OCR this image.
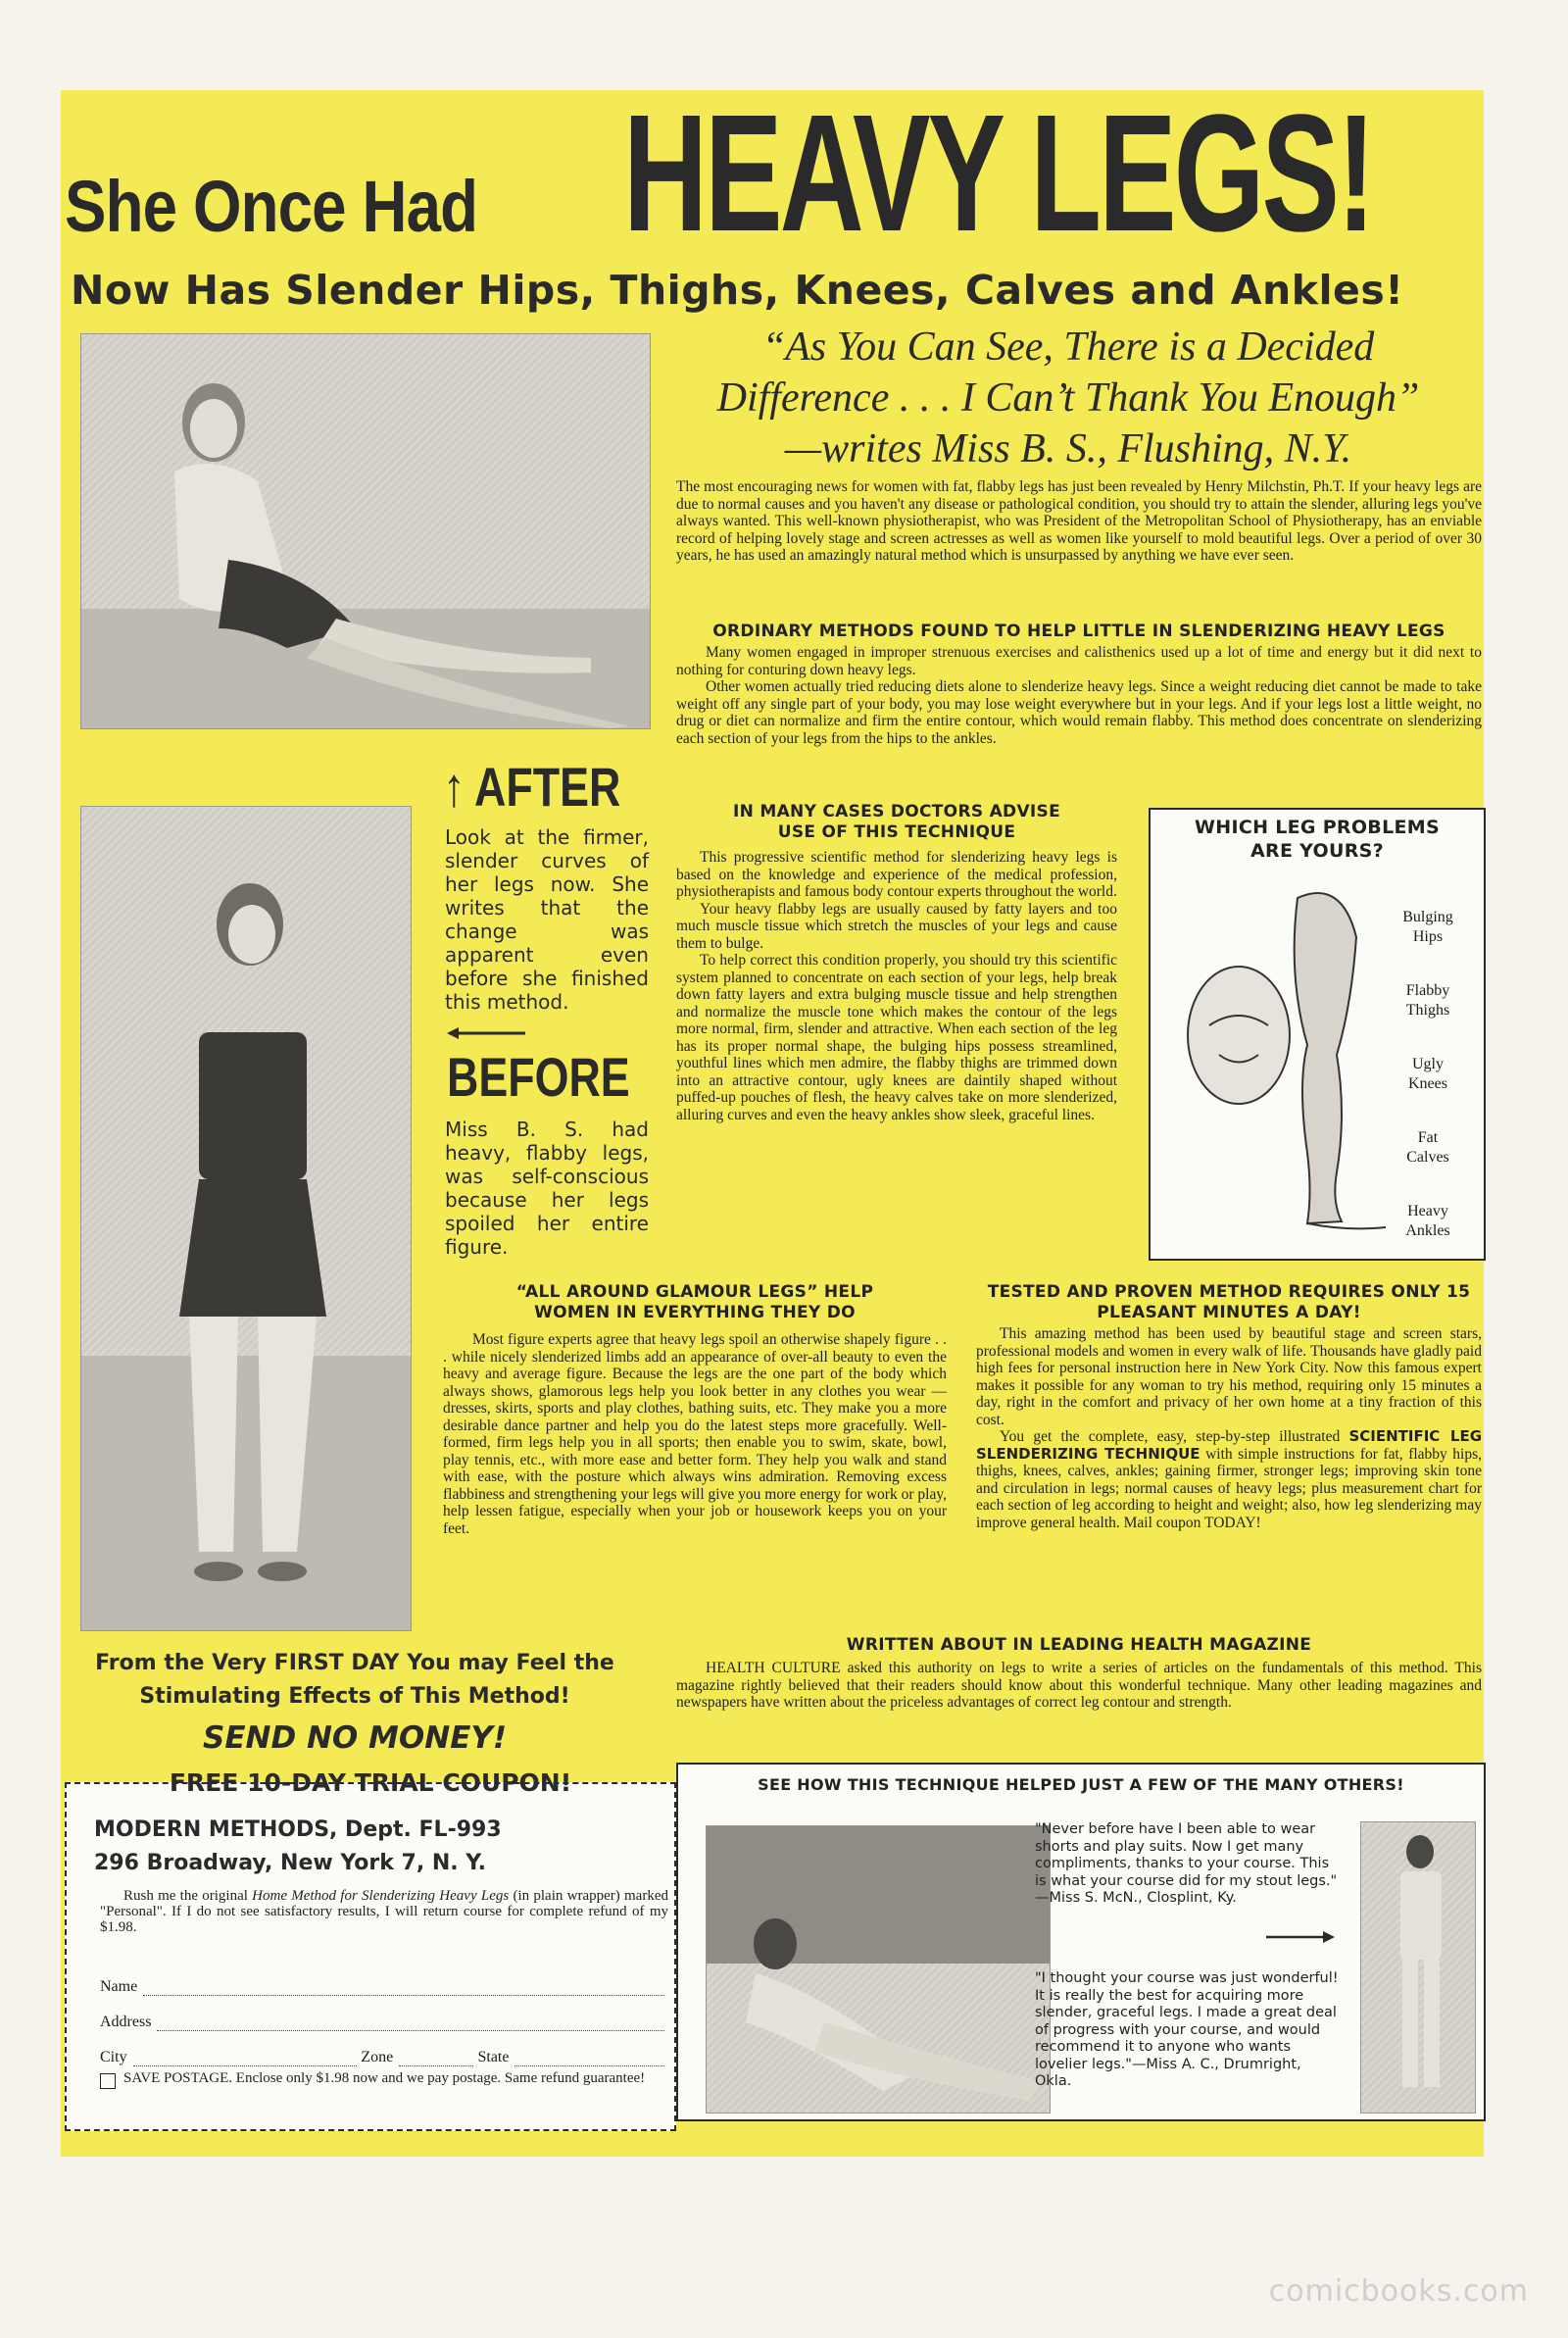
She Once Had HEAVY LEGS!
Now Has Slender Hips, Thighs, Knees, Calves and Ankles!
“As You Can See, There is a Decided
Difference . . . I Can’t Thank You Enough”
—writes Miss B. S., Flushing, N.Y.
↑ AFTER
Look at the firmer, slender curves of her legs now. She writes that the change was apparent even before she finished this method.
BEFORE
Miss B. S. had heavy, flabby legs, was self-conscious because her legs spoiled her entire figure.
The most encouraging news for women with fat, flabby legs has just been revealed by Henry Milchstin, Ph.T. If your heavy legs are due to normal causes and you haven't any disease or pathological condition, you should try to attain the slender, alluring legs you've always wanted. This well-known physiotherapist, who was President of the Metropolitan School of Physiotherapy, has an enviable record of helping lovely stage and screen actresses as well as women like yourself to mold beautiful legs. Over a period of over 30 years, he has used an amazingly natural method which is unsurpassed by anything we have ever seen.
ORDINARY METHODS FOUND TO HELP LITTLE IN SLENDERIZING HEAVY LEGS
Many women engaged in improper strenuous exercises and calisthenics used up a lot of time and energy but it did next to nothing for conturing down heavy legs.
Other women actually tried reducing diets alone to slenderize heavy legs. Since a weight reducing diet cannot be made to take weight off any single part of your body, you may lose weight everywhere but in your legs. And if your legs lost a little weight, no drug or diet can normalize and firm the entire contour, which would remain flabby. This method does concentrate on slenderizing each section of your legs from the hips to the ankles.
IN MANY CASES DOCTORS ADVISE USE OF THIS TECHNIQUE
This progressive scientific method for slenderizing heavy legs is based on the knowledge and experience of the medical profession, physiotherapists and famous body contour experts throughout the world.
Your heavy flabby legs are usually caused by fatty layers and too much muscle tissue which stretch the muscles of your legs and cause them to bulge.
To help correct this condition properly, you should try this scientific system planned to concentrate on each section of your legs, help break down fatty layers and extra bulging muscle tissue and help strengthen and normalize the muscle tone which makes the contour of the legs more normal, firm, slender and attractive. When each section of the leg has its proper normal shape, the bulging hips possess streamlined, youthful lines which men admire, the flabby thighs are trimmed down into an attractive contour, ugly knees are daintily shaped without puffed-up pouches of flesh, the heavy calves take on more slenderized, alluring curves and even the heavy ankles show sleek, graceful lines.
WHICH LEG PROBLEMS ARE YOURS?
Bulging
Hips
Flabby
Thighs
Ugly
Knees
Fat
Calves
Heavy
Ankles
“ALL AROUND GLAMOUR LEGS” HELP WOMEN IN EVERYTHING THEY DO
Most figure experts agree that heavy legs spoil an otherwise shapely figure . . . while nicely slenderized limbs add an appearance of over-all beauty to even the heavy and average figure. Because the legs are the one part of the body which always shows, glamorous legs help you look better in any clothes you wear — dresses, skirts, sports and play clothes, bathing suits, etc. They make you a more desirable dance partner and help you do the latest steps more gracefully. Well-formed, firm legs help you in all sports; then enable you to swim, skate, bowl, play tennis, etc., with more ease and better form. They help you walk and stand with ease, with the posture which always wins admiration. Removing excess flabbiness and strengthening your legs will give you more energy for work or play, help lessen fatigue, especially when your job or housework keeps you on your feet.
TESTED AND PROVEN METHOD REQUIRES ONLY 15 PLEASANT MINUTES A DAY!
This amazing method has been used by beautiful stage and screen stars, professional models and women in every walk of life. Thousands have gladly paid high fees for personal instruction here in New York City. Now this famous expert makes it possible for any woman to try his method, requiring only 15 minutes a day, right in the comfort and privacy of her own home at a tiny fraction of this cost.
You get the complete, easy, step-by-step illustrated SCIENTIFIC LEG SLENDERIZING TECHNIQUE with simple instructions for fat, flabby hips, thighs, knees, calves, ankles; gaining firmer, stronger legs; improving skin tone and circulation in legs; normal causes of heavy legs; plus measurement chart for each section of leg according to height and weight; also, how leg slenderizing may improve general health. Mail coupon TODAY!
WRITTEN ABOUT IN LEADING HEALTH MAGAZINE
HEALTH CULTURE asked this authority on legs to write a series of articles on the fundamentals of this method. This magazine rightly believed that their readers should know about this wonderful technique. Many other leading magazines and newspapers have written about the priceless advantages of correct leg contour and strength.
From the Very FIRST DAY You may Feel the
Stimulating Effects of This Method!
SEND NO MONEY!
FREE 10-DAY TRIAL COUPON!
MODERN METHODS, Dept. FL-993
296 Broadway, New York 7, N. Y.
Rush me the original Home Method for Slenderizing Heavy Legs (in plain wrapper) marked "Personal". If I do not see satisfactory results, I will return course for complete refund of my $1.98.
Name
Address
City	Zone	State
SAVE POSTAGE. Enclose only $1.98 now and we pay postage. Same refund guarantee!
SEE HOW THIS TECHNIQUE HELPED JUST A FEW OF THE MANY OTHERS!
"Never before have I been able to wear shorts and play suits. Now I get many compliments, thanks to your course. This is what your course did for my stout legs." —Miss S. McN., Closplint, Ky.
"I thought your course was just wonderful! It is really the best for acquiring more slender, graceful legs. I made a great deal of progress with your course, and would recommend it to anyone who wants lovelier legs."—Miss A. C., Drumright, Okla.
comicbooks.com
